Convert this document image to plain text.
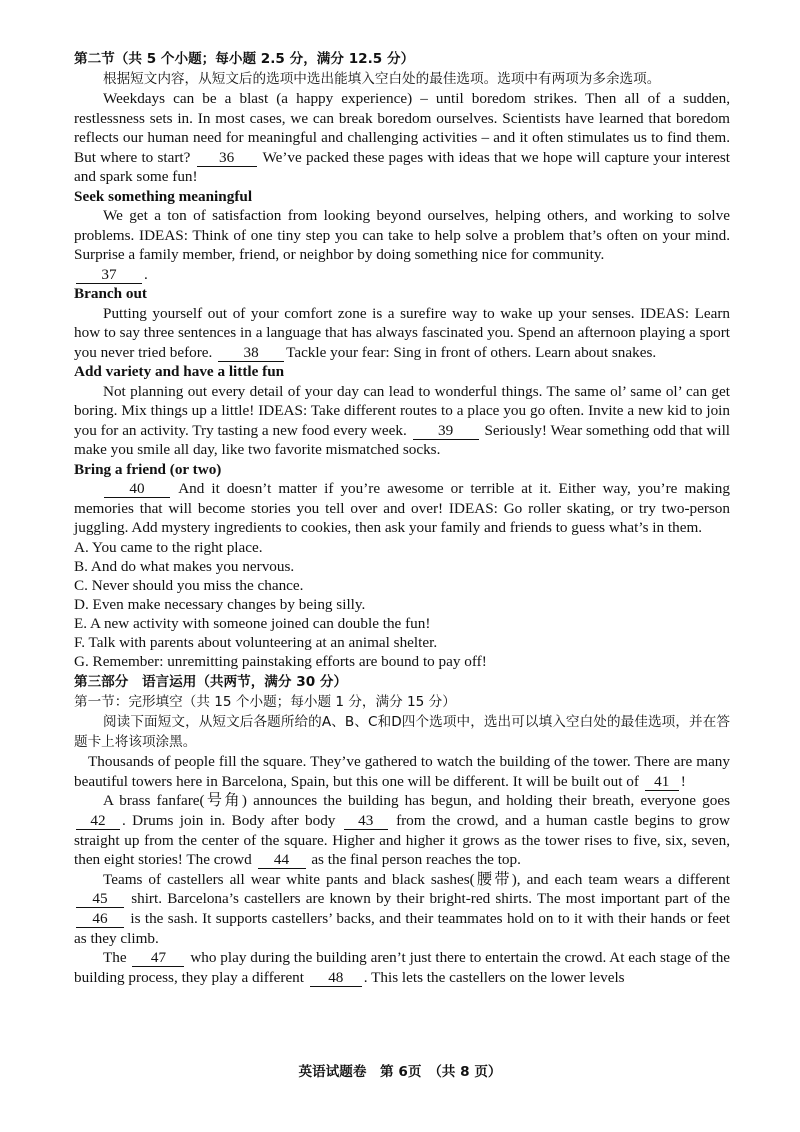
第二节（共 5 个小题；每小题 2.5 分，满分 12.5 分）
根据短文内容，从短文后的选项中选出能填入空白处的最佳选项。选项中有两项为多余选项。

Weekdays can be a blast (a happy experience) – until boredom strikes. Then all of a sudden, restlessness sets in. In most cases, we can break boredom ourselves. Scientists have learned that boredom reflects our human need for meaningful and challenging activities – and it often stimulates us to find them. But where to start? 36 We’ve packed these pages with ideas that we hope will capture your interest and spark some fun!

Seek something meaningful

We get a ton of satisfaction from looking beyond ourselves, helping others, and working to solve problems. IDEAS: Think of one tiny step you can take to help solve a problem that’s often on your mind. Surprise a family member, friend, or neighbor by doing something nice for community.

37 .

Branch out

Putting yourself out of your comfort zone is a surefire way to wake up your senses. IDEAS: Learn how to say three sentences in a language that has always fascinated you. Spend an afternoon playing a sport you never tried before. 38 Tackle your fear: Sing in front of others. Learn about snakes.

Add variety and have a little fun

Not planning out every detail of your day can lead to wonderful things. The same ol’ same ol’ can get boring. Mix things up a little! IDEAS: Take different routes to a place you go often. Invite a new kid to join you for an activity. Try tasting a new food every week. 39 Seriously! Wear something odd that will make you smile all day, like two favorite mismatched socks.

Bring a friend (or two)

40 And it doesn’t matter if you’re awesome or terrible at it. Either way, you’re making memories that will become stories you tell over and over! IDEAS: Go roller skating, or try two-person juggling. Add mystery ingredients to cookies, then ask your family and friends to guess what’s in them.

A. You came to the right place.
B. And do what makes you nervous.
C. Never should you miss the chance.
D. Even make necessary changes by being silly.
E. A new activity with someone joined can double the fun!
F. Talk with parents about volunteering at an animal shelter.
G. Remember: unremitting painstaking efforts are bound to pay off!
第三部分　语言运用（共两节，满分 30 分）
第一节：完形填空（共 15 个小题；每小题 1 分，满分 15 分）

阅读下面短文，从短文后各题所给的A、B、C和D四个选项中，选出可以填入空白处的最佳选项，并在答题卡上将该项涂黑。

Thousands of people fill the square. They’ve gathered to watch the building of the tower. There are many beautiful towers here in Barcelona, Spain, but this one will be different. It will be built out of 41 !

A brass fanfare(号角) announces the building has begun, and holding their breath, everyone goes 42 . Drums join in. Body after body 43 from the crowd, and a human castle begins to grow straight up from the center of the square. Higher and higher it grows as the tower rises to five, six, seven, then eight stories! The crowd 44 as the final person reaches the top.

Teams of castellers all wear white pants and black sashes(腰带), and each team wears a different 45 shirt. Barcelona’s castellers are known by their bright-red shirts. The most important part of the 46 is the sash. It supports castellers’ backs, and their teammates hold on to it with their hands or feet as they climb.

The 47 who play during the building aren’t just there to entertain the crowd. At each stage of the building process, they play a different 48 . This lets the castellers on the lower levels

英语试题卷　第 6页　（共 8 页）
